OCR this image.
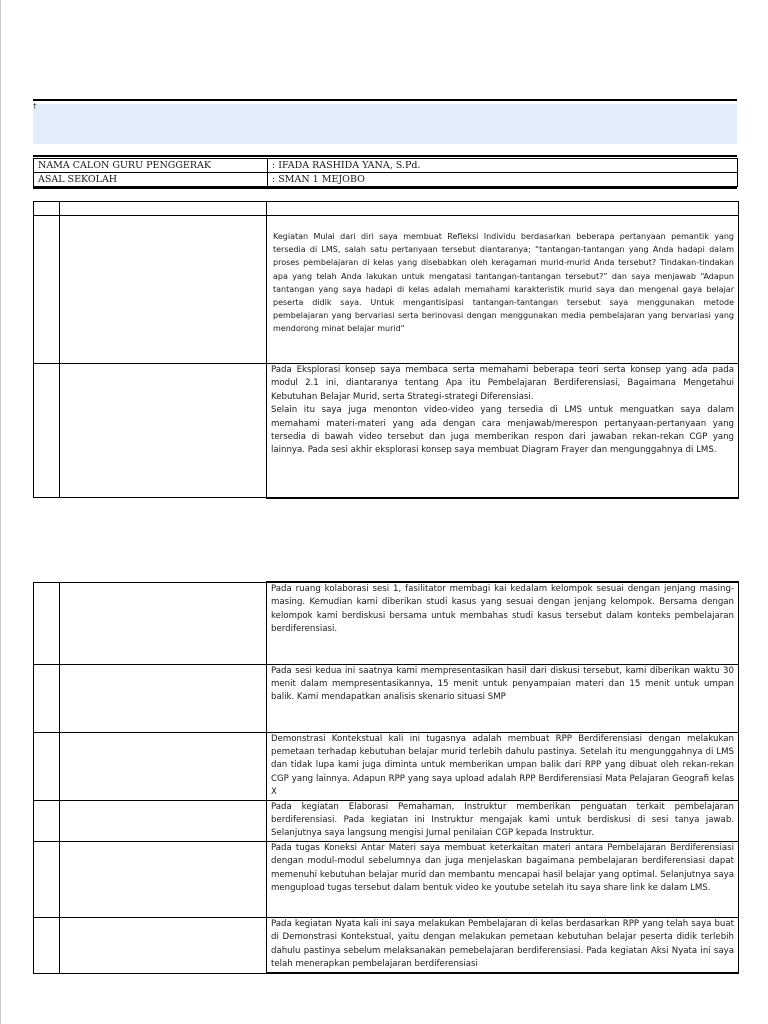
†
NAMA CALON GURU PENGGERAK	: IFADA RASHIDA YANA, S.Pd.
ASAL SEKOLAH	: SMAN 1 MEJOBO

		Kegiatan Mulai dari diri saya membuat Refleksi Individu berdasarkan beberapa pertanyaan pemantik yang tersedia di LMS, salah satu pertanyaan tersebut diantaranya; “tantangan-tantangan yang Anda hadapi dalam proses pembelajaran di kelas yang disebabkan oleh keragaman murid-murid Anda tersebut? Tindakan-tindakan apa yang telah Anda lakukan untuk mengatasi tantangan-tantangan tersebut?” dan saya menjawab “Adapun tantangan yang saya hadapi di kelas adalah memahami karakteristik murid saya dan mengenal gaya belajar peserta didik saya. Untuk mengantisipasi tantangan-tantangan tersebut saya menggunakan metode pembelajaran yang bervariasi serta berinovasi dengan menggunakan media pembelajaran yang bervariasi yang mendorong minat belajar murid“

		Pada Eksplorasi konsep saya membaca serta memahami beberapa teori serta konsep yang ada pada modul 2.1 ini, diantaranya tentang Apa itu Pembelajaran Berdiferensiasi, Bagaimana Mengetahui Kebutuhan Belajar Murid, serta Strategi-strategi Diferensiasi.
Selain itu saya juga menonton video-video yang tersedia di LMS untuk menguatkan saya dalam memahami materi-materi yang ada dengan cara menjawab/merespon pertanyaan-pertanyaan yang tersedia di bawah video tersebut dan juga memberikan respon dari jawaban rekan-rekan CGP yang lainnya. Pada sesi akhir eksplorasi konsep saya membuat Diagram Frayer dan mengunggahnya di LMS.

		Pada ruang kolaborasi sesi 1, fasilitator membagi kai kedalam kelompok sesuai dengan jenjang masing-masing. Kemudian kami diberikan studi kasus yang sesuai dengan jenjang kelompok. Bersama dengan kelompok kami berdiskusi bersama untuk membahas studi kasus tersebut dalam konteks pembelajaran berdiferensiasi.

		Pada sesi kedua ini saatnya kami mempresentasikan hasil dari diskusi tersebut, kami diberikan waktu 30 menit dalam mempresentasikannya, 15 menit untuk penyampaian materi dan 15 menit untuk umpan balik. Kami mendapatkan analisis skenario situasi SMP

		Demonstrasi Kontekstual kali ini tugasnya adalah membuat RPP Berdiferensiasi dengan melakukan pemetaan terhadap kebutuhan belajar murid terlebih dahulu pastinya. Setelah itu mengunggahnya di LMS dan tidak lupa kami juga diminta untuk memberikan umpan balik dari RPP yang dibuat oleh rekan-rekan CGP yang lainnya. Adapun RPP yang saya upload adalah RPP Berdiferensiasi Mata Pelajaran Geografi kelas X

		Pada kegiatan Elaborasi Pemahaman, Instruktur memberikan penguatan terkait pembelajaran berdiferensiasi. Pada kegiatan ini Instruktur mengajak kami untuk berdiskusi di sesi tanya jawab. Selanjutnya saya langsung mengisi Jurnal penilaian CGP kepada Instruktur.

		Pada tugas Koneksi Antar Materi saya membuat keterkaitan materi antara Pembelajaran Berdiferensiasi dengan modul-modul sebelumnya dan juga menjelaskan bagaimana pembelajaran berdiferensiasi dapat memenuhi kebutuhan belajar murid dan membantu mencapai hasil belajar yang optimal. Selanjutnya saya mengupload tugas tersebut dalam bentuk video ke youtube setelah itu saya share link ke dalam LMS.

		Pada kegiatan Nyata kali ini saya melakukan Pembelajaran di kelas berdasarkan RPP yang telah saya buat di Demonstrasi Kontekstual, yaitu dengan melakukan pemetaan kebutuhan belajar peserta didik terlebih dahulu pastinya sebelum melaksanakan pemebelajaran berdiferensiasi. Pada kegiatan Aksi Nyata ini saya telah menerapkan pembelajaran berdiferensiasi
